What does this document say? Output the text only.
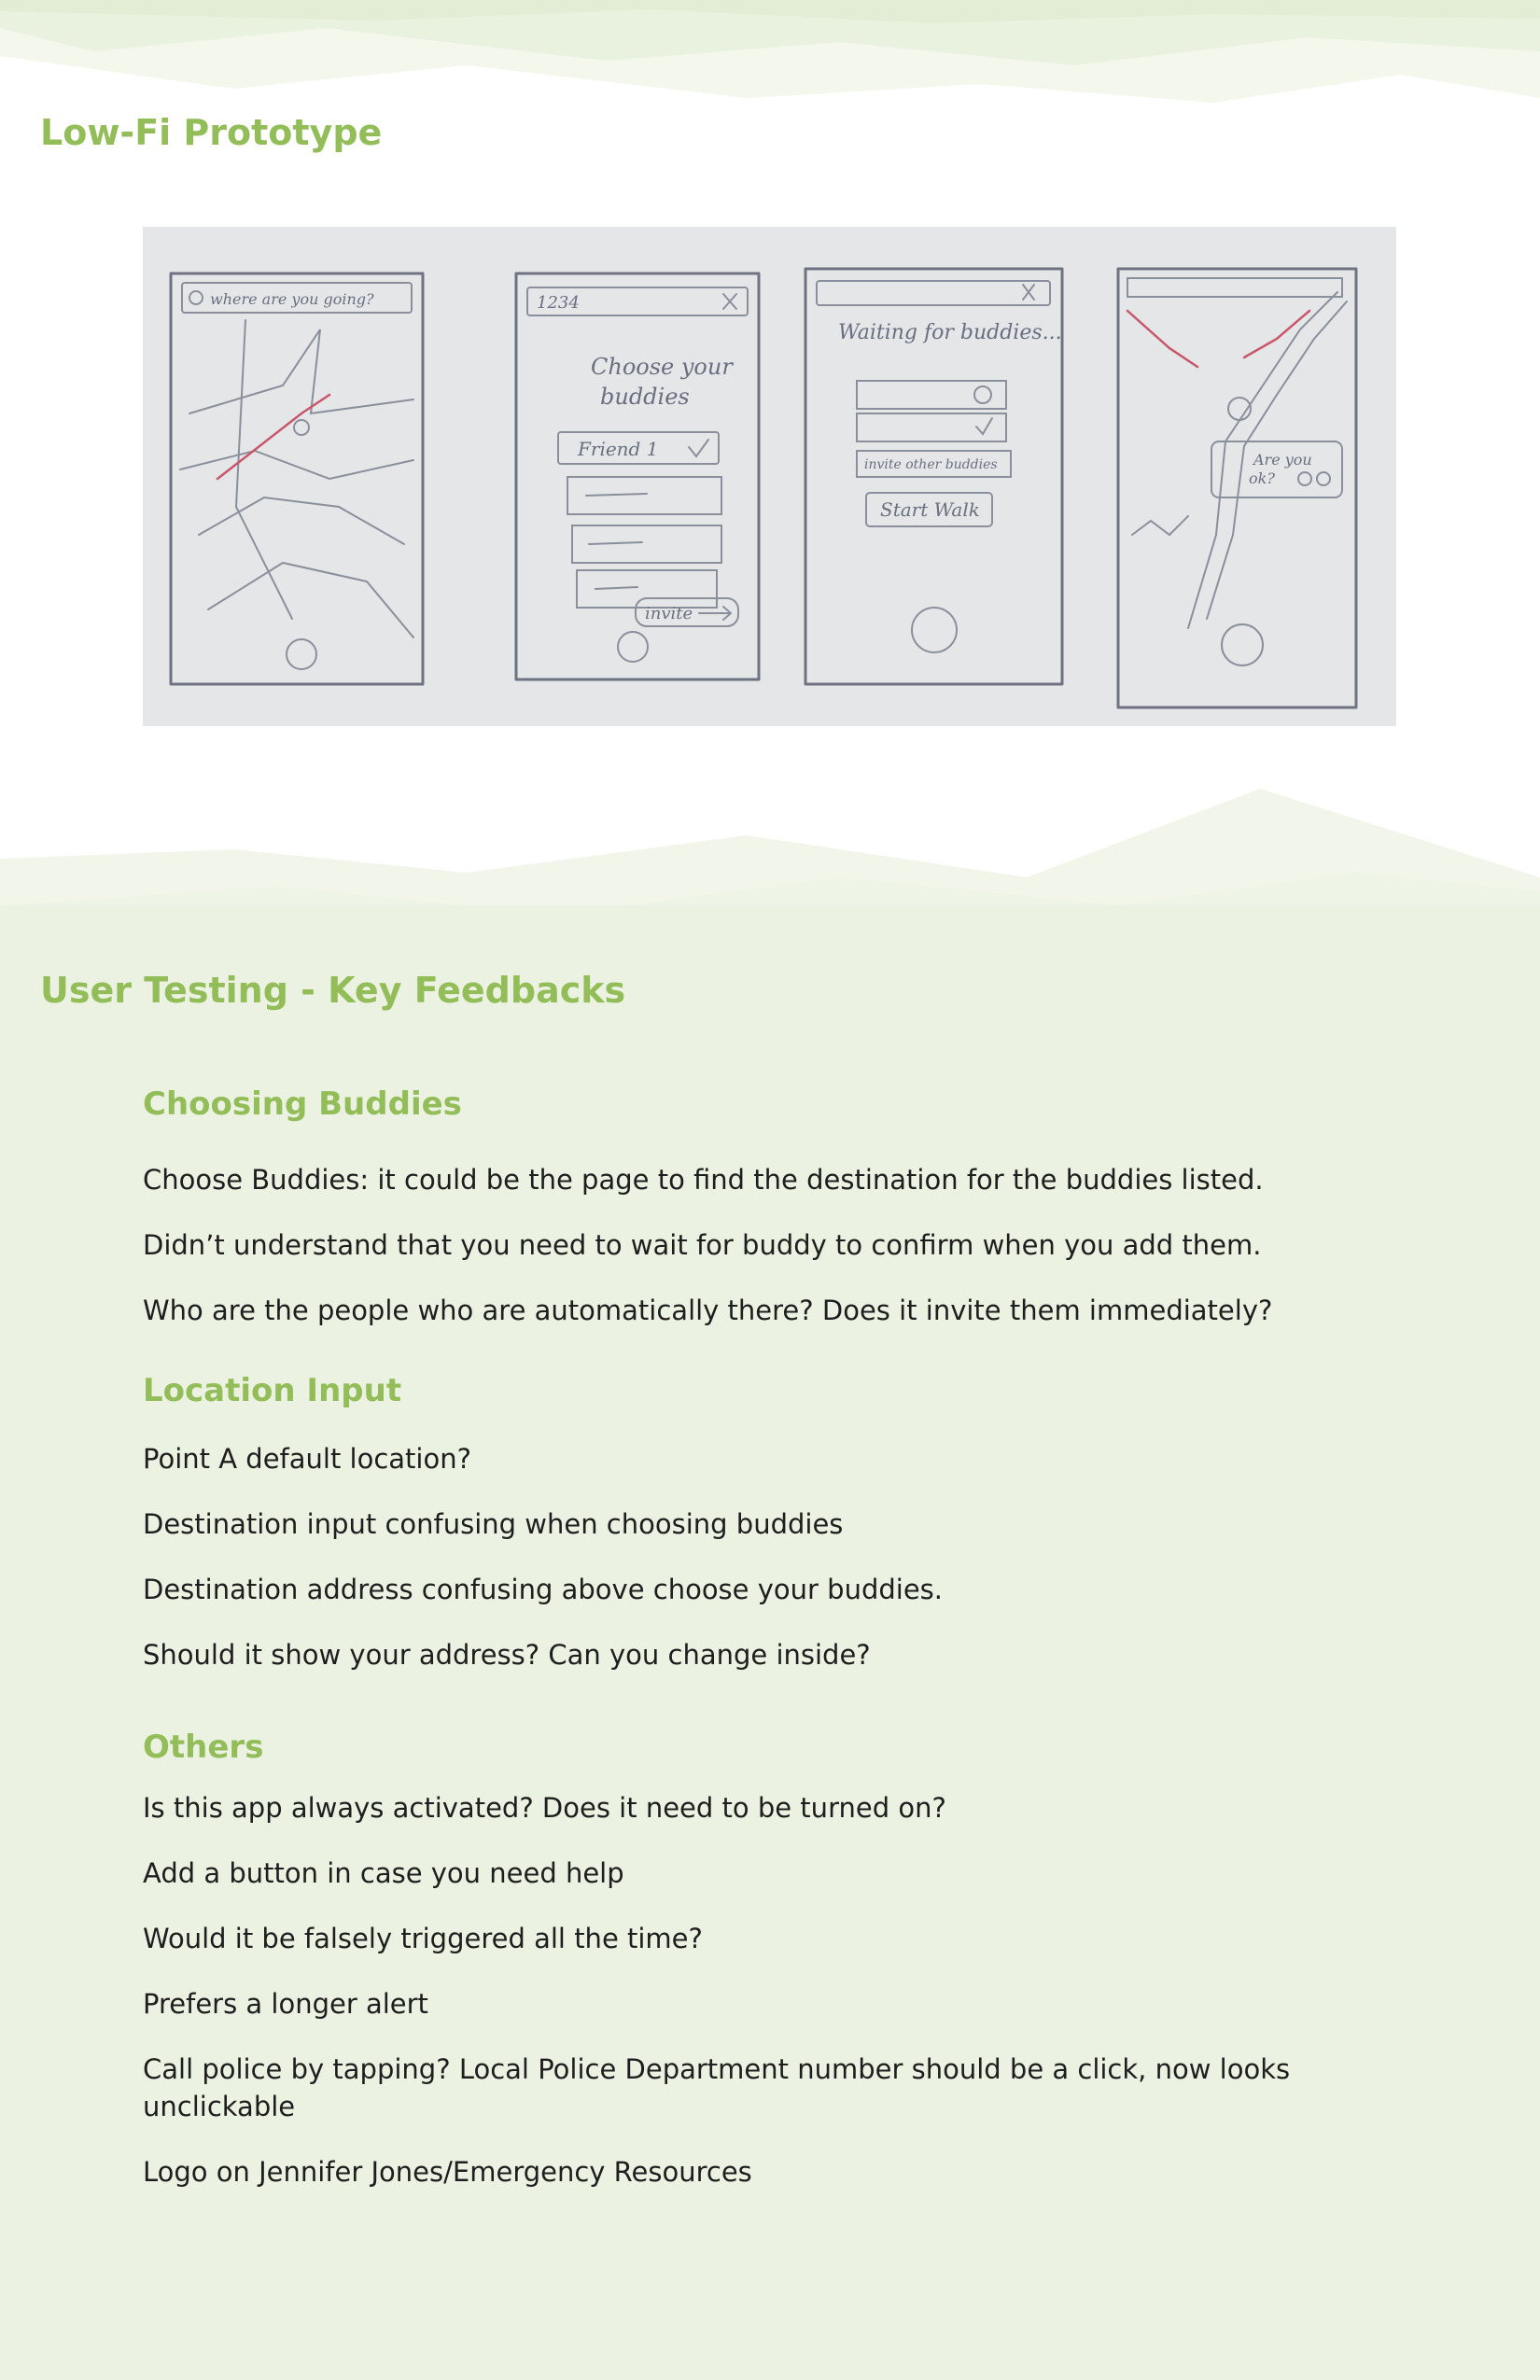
Low-Fi Prototype
where are you going?	1234
Choose your
buddies
Friend 1
invite
Waiting for buddies...
invite other buddies
Start Walk
Are you
ok?
User Testing - Key Feedbacks
Choosing Buddies

Choose Buddies: it could be the page to find the destination for the buddies listed.

Didn’t understand that you need to wait for buddy to confirm when you add them.

Who are the people who are automatically there? Does it invite them immediately?

Location Input

Point A default location?

Destination input confusing when choosing buddies

Destination address confusing above choose your buddies.

Should it show your address? Can you change inside?

Others

Is this app always activated? Does it need to be turned on?

Add a button in case you need help

Would it be falsely triggered all the time?

Prefers a longer alert

Call police by tapping? Local Police Department number should be a click, now looks unclickable

Logo on Jennifer Jones/Emergency Resources
